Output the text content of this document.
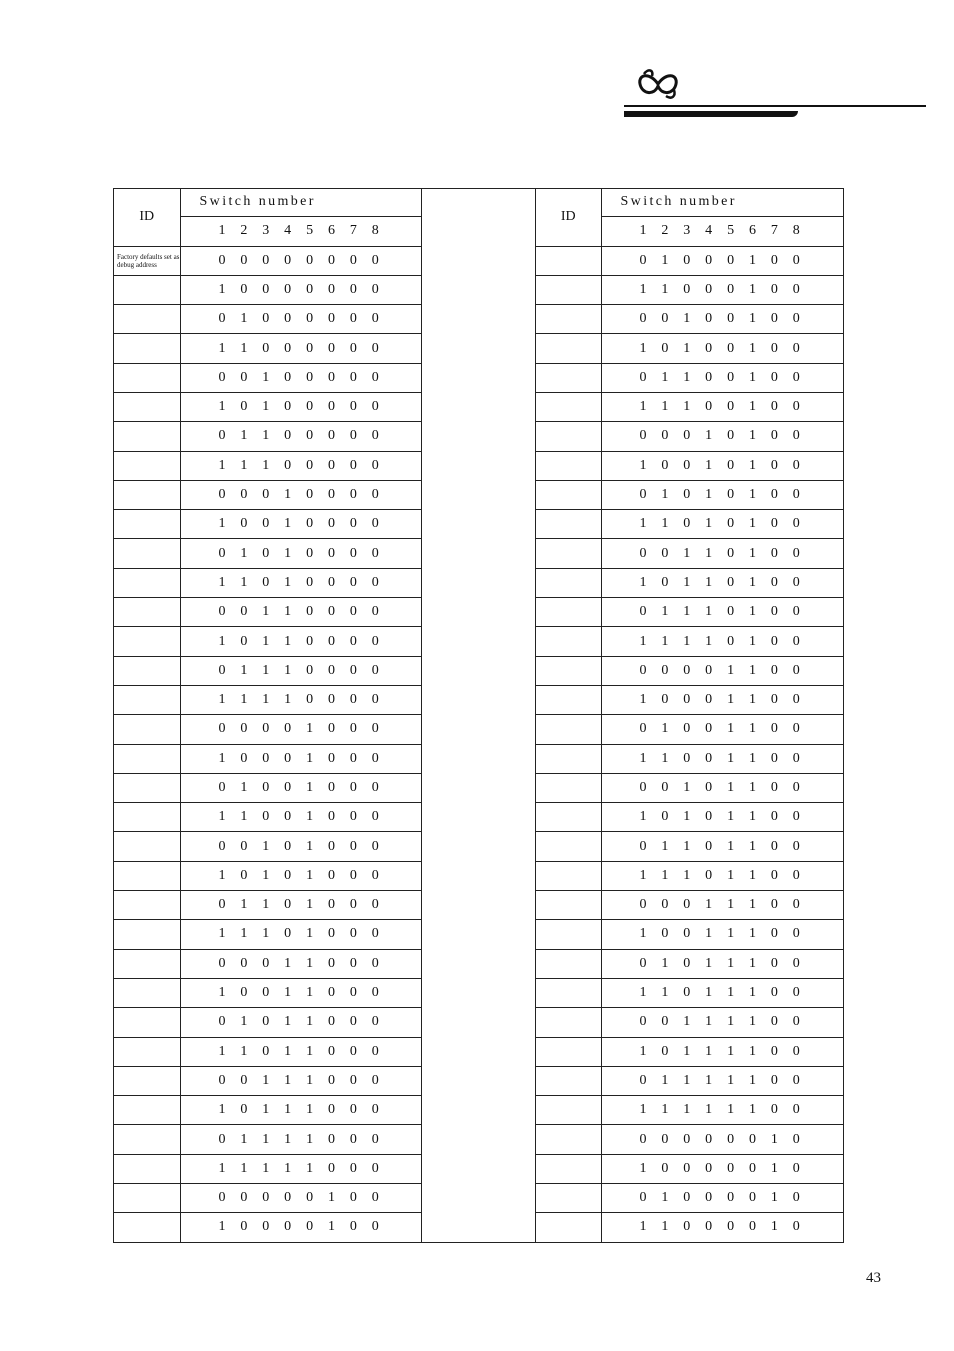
ID	Switch number
	1 2 3 4 5 6 7 8
Factory defaults set as debug address	0 0 0 0 0 0 0 0
	1 0 0 0 0 0 0 0
	0 1 0 0 0 0 0 0
	1 1 0 0 0 0 0 0
	0 0 1 0 0 0 0 0
	1 0 1 0 0 0 0 0
	0 1 1 0 0 0 0 0
	1 1 1 0 0 0 0 0
	0 0 0 1 0 0 0 0
	1 0 0 1 0 0 0 0
	0 1 0 1 0 0 0 0
	1 1 0 1 0 0 0 0
	0 0 1 1 0 0 0 0
	1 0 1 1 0 0 0 0
	0 1 1 1 0 0 0 0
	1 1 1 1 0 0 0 0
	0 0 0 0 1 0 0 0
	1 0 0 0 1 0 0 0
	0 1 0 0 1 0 0 0
	1 1 0 0 1 0 0 0
	0 0 1 0 1 0 0 0
	1 0 1 0 1 0 0 0
	0 1 1 0 1 0 0 0
	1 1 1 0 1 0 0 0
	0 0 0 1 1 0 0 0
	1 0 0 1 1 0 0 0
	0 1 0 1 1 0 0 0
	1 1 0 1 1 0 0 0
	0 0 1 1 1 0 0 0
	1 0 1 1 1 0 0 0
	0 1 1 1 1 0 0 0
	1 1 1 1 1 0 0 0
	0 0 0 0 0 1 0 0
	1 0 0 0 0 1 0 0
ID	Switch number
	1 2 3 4 5 6 7 8
	0 1 0 0 0 1 0 0
	1 1 0 0 0 1 0 0
	0 0 1 0 0 1 0 0
	1 0 1 0 0 1 0 0
	0 1 1 0 0 1 0 0
	1 1 1 0 0 1 0 0
	0 0 0 1 0 1 0 0
	1 0 0 1 0 1 0 0
	0 1 0 1 0 1 0 0
	1 1 0 1 0 1 0 0
	0 0 1 1 0 1 0 0
	1 0 1 1 0 1 0 0
	0 1 1 1 0 1 0 0
	1 1 1 1 0 1 0 0
	0 0 0 0 1 1 0 0
	1 0 0 0 1 1 0 0
	0 1 0 0 1 1 0 0
	1 1 0 0 1 1 0 0
	0 0 1 0 1 1 0 0
	1 0 1 0 1 1 0 0
	0 1 1 0 1 1 0 0
	1 1 1 0 1 1 0 0
	0 0 0 1 1 1 0 0
	1 0 0 1 1 1 0 0
	0 1 0 1 1 1 0 0
	1 1 0 1 1 1 0 0
	0 0 1 1 1 1 0 0
	1 0 1 1 1 1 0 0
	0 1 1 1 1 1 0 0
	1 1 1 1 1 1 0 0
	0 0 0 0 0 0 1 0
	1 0 0 0 0 0 1 0
	0 1 0 0 0 0 1 0
	1 1 0 0 0 0 1 0
43
